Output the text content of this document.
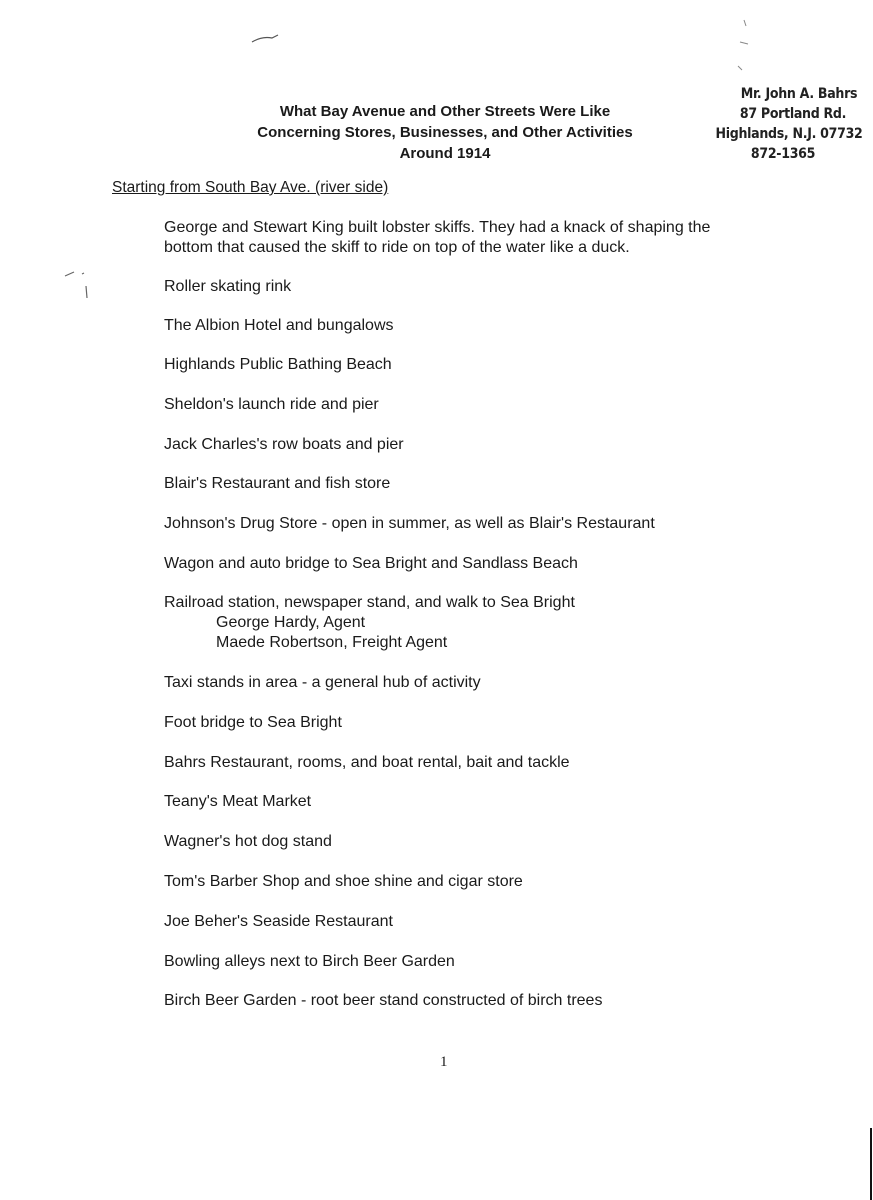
Mr. John A. Bahrs
87 Portland Rd.
Highlands, N.J. 07732
872-1365
What Bay Avenue and Other Streets Were Like
Concerning Stores, Businesses, and Other Activities
Around 1914
Starting from South Bay Ave. (river side)
George and Stewart King built lobster skiffs. They had a knack of shaping the
bottom that caused the skiff to ride on top of the water like a duck.
Roller skating rink
The Albion Hotel and bungalows
Highlands Public Bathing Beach
Sheldon's launch ride and pier
Jack Charles's row boats and pier
Blair's Restaurant and fish store
Johnson's Drug Store - open in summer, as well as Blair's Restaurant
Wagon and auto bridge to Sea Bright and Sandlass Beach
Railroad station, newspaper stand, and walk to Sea Bright
George Hardy, Agent
Maede Robertson, Freight Agent
Taxi stands in area - a general hub of activity
Foot bridge to Sea Bright
Bahrs Restaurant, rooms, and boat rental, bait and tackle
Teany's Meat Market
Wagner's hot dog stand
Tom's Barber Shop and shoe shine and cigar store
Joe Beher's Seaside Restaurant
Bowling alleys next to Birch Beer Garden
Birch Beer Garden - root beer stand constructed of birch trees
1
